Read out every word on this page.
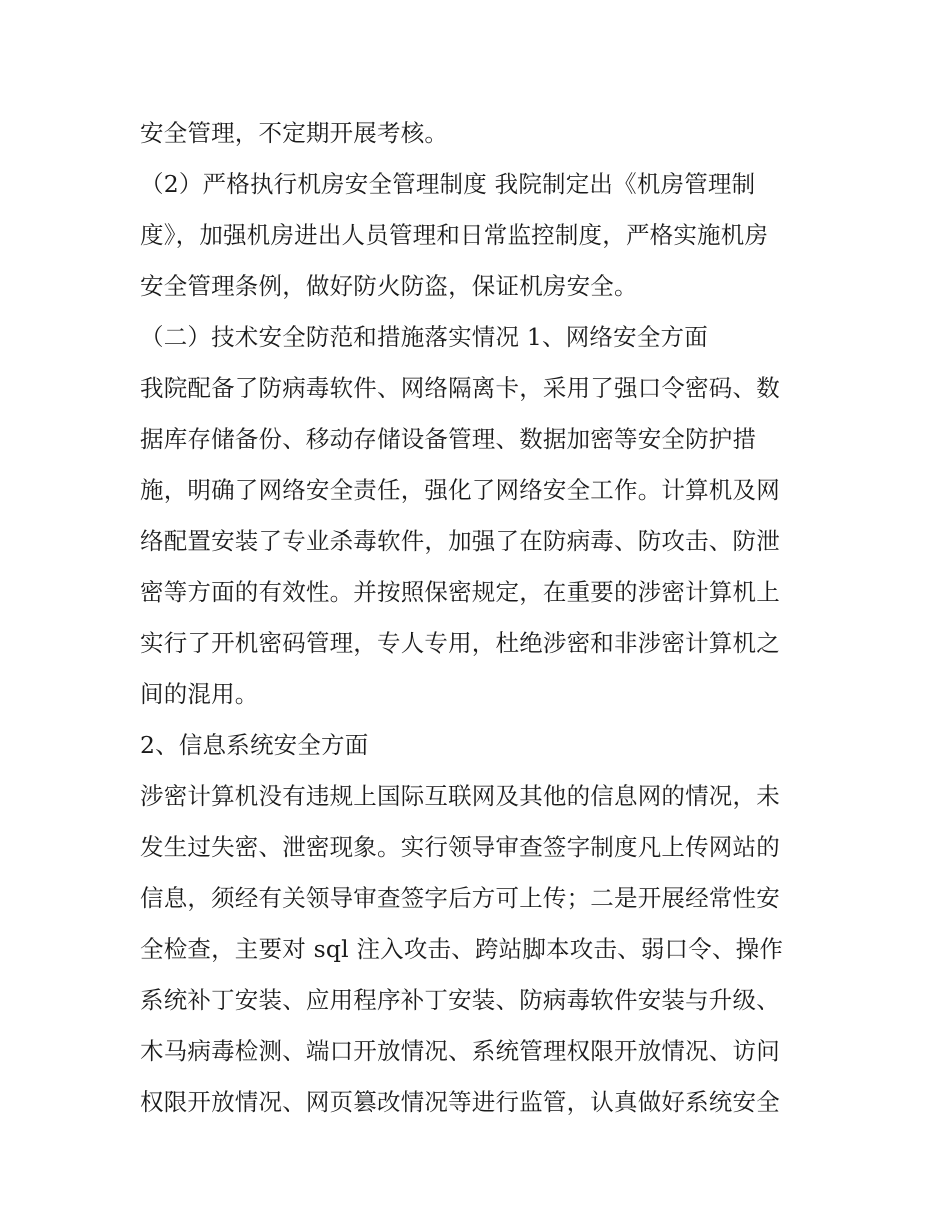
安全管理，不定期开展考核。
（2）严格执行机房安全管理制度 我院制定出《机房管理制
度》，加强机房进出人员管理和日常监控制度，严格实施机房
安全管理条例，做好防火防盗，保证机房安全。
（二）技术安全防范和措施落实情况 1、网络安全方面
我院配备了防病毒软件、网络隔离卡，采用了强口令密码、数
据库存储备份、移动存储设备管理、数据加密等安全防护措
施，明确了网络安全责任，强化了网络安全工作。计算机及网
络配置安装了专业杀毒软件，加强了在防病毒、防攻击、防泄
密等方面的有效性。并按照保密规定，在重要的涉密计算机上
实行了开机密码管理，专人专用，杜绝涉密和非涉密计算机之
间的混用。
2、信息系统安全方面
涉密计算机没有违规上国际互联网及其他的信息网的情况，未
发生过失密、泄密现象。实行领导审查签字制度凡上传网站的
信息，须经有关领导审查签字后方可上传；二是开展经常性安
全检查，主要对 sql 注入攻击、跨站脚本攻击、弱口令、操作
系统补丁安装、应用程序补丁安装、防病毒软件安装与升级、
木马病毒检测、端口开放情况、系统管理权限开放情况、访问
权限开放情况、网页篡改情况等进行监管，认真做好系统安全
